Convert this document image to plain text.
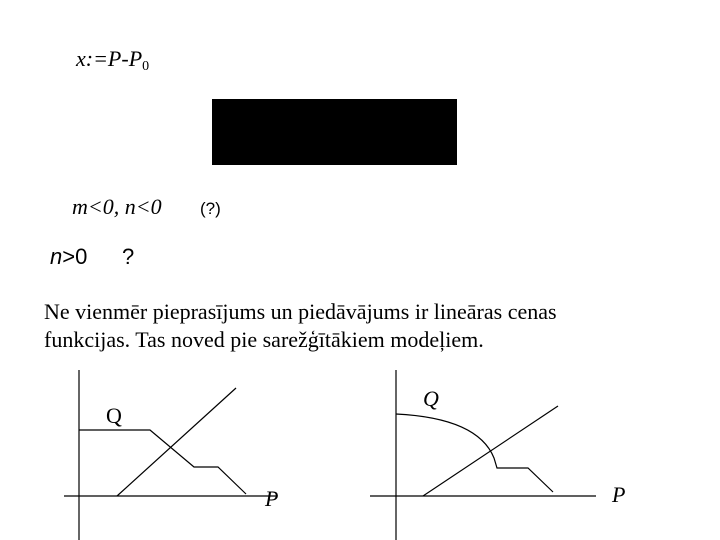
$x:=P-P_0$
m<0, n<0 (?)
n>0 ?
Ne vienmēr pieprasījums un piedāvājums ir lineāras cenas funkcijas. Tas noved pie sarežģītākiem modeļiem.
Q
P
Q
P
